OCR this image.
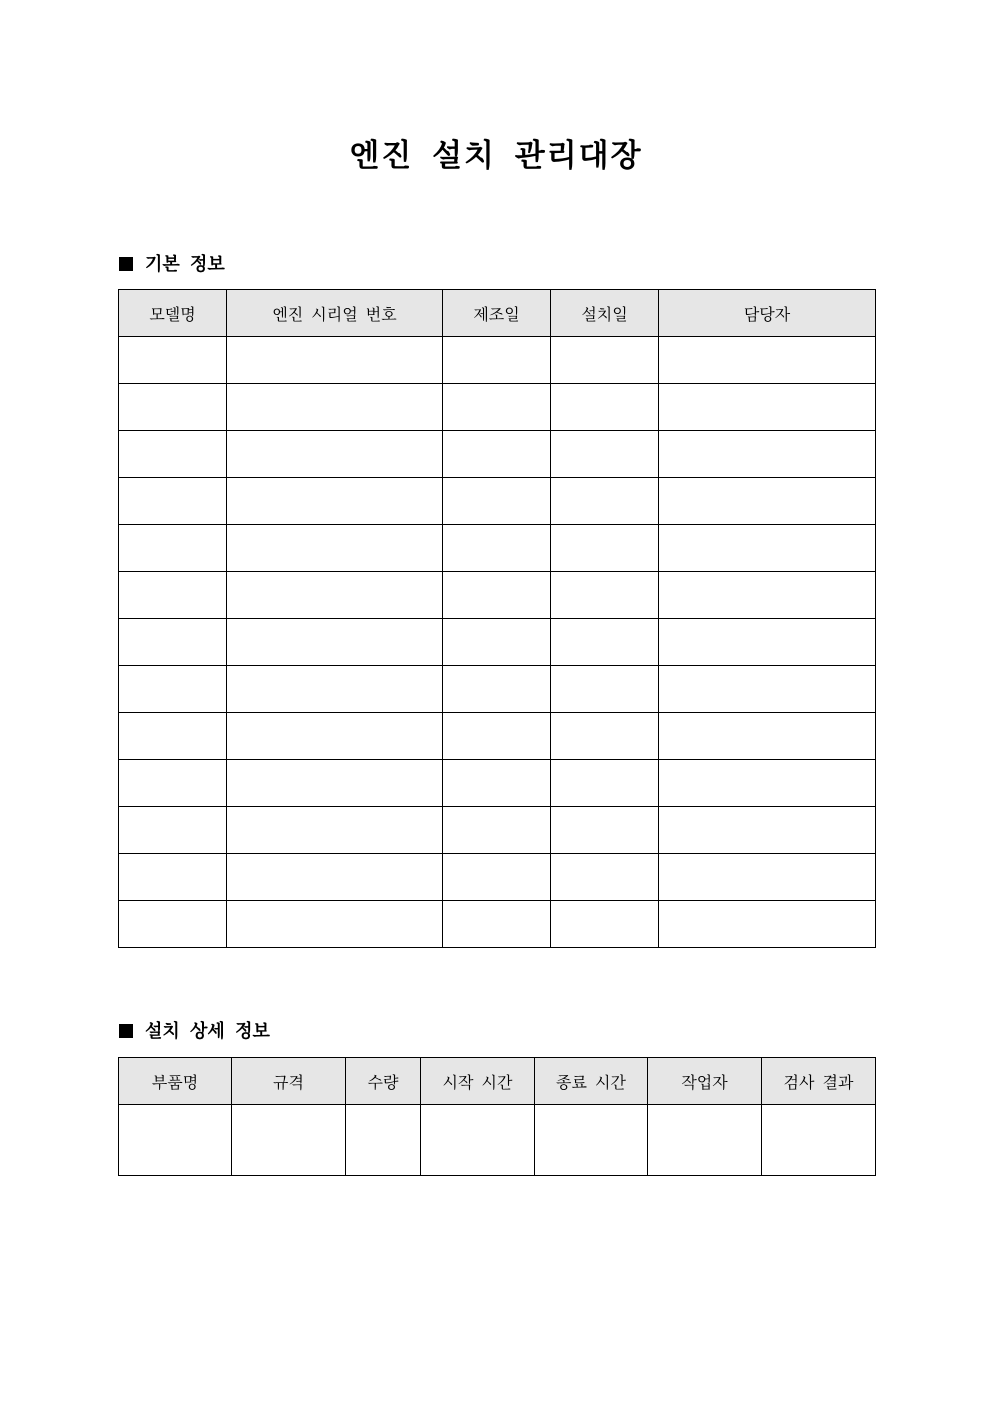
엔진 설치 관리대장
기본 정보
모델명	엔진 시리얼 번호	제조일	설치일	담당자

설치 상세 정보
부품명	규격	수량	시작 시간	종료 시간	작업자	검사 결과
